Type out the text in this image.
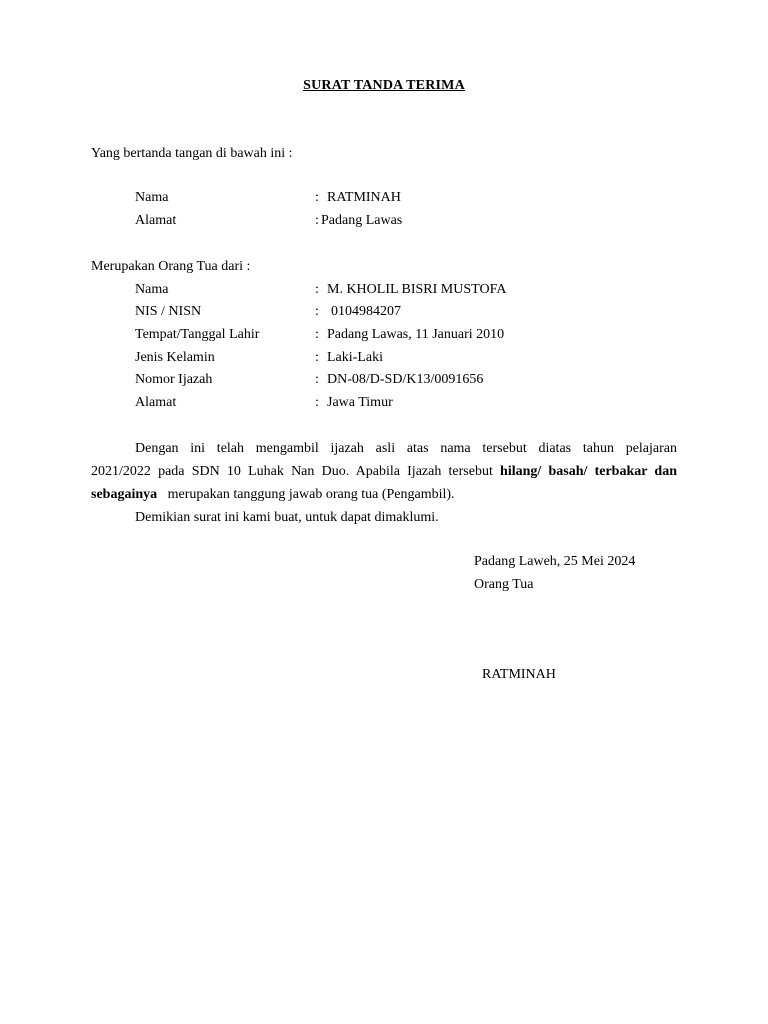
SURAT TANDA TERIMA
Yang bertanda tangan di bawah ini :
Nama	: RATMINAH
Alamat	: Padang Lawas
Merupakan Orang Tua dari :
Nama	: M. KHOLIL BISRI MUSTOFA
NIS / NISN	: 0104984207
Tempat/Tanggal Lahir	: Padang Lawas, 11 Januari 2010
Jenis Kelamin	: Laki-Laki
Nomor Ijazah	: DN-08/D-SD/K13/0091656
Alamat	: Jawa Timur
Dengan ini telah mengambil ijazah asli atas nama tersebut diatas tahun pelajaran
2021/2022 pada SDN 10 Luhak Nan Duo. Apabila Ijazah tersebut hilang/ basah/ terbakar dan
sebagainya merupakan tanggung jawab orang tua (Pengambil).
Demikian surat ini kami buat, untuk dapat dimaklumi.
Padang Laweh, 25 Mei 2024
Orang Tua
RATMINAH
